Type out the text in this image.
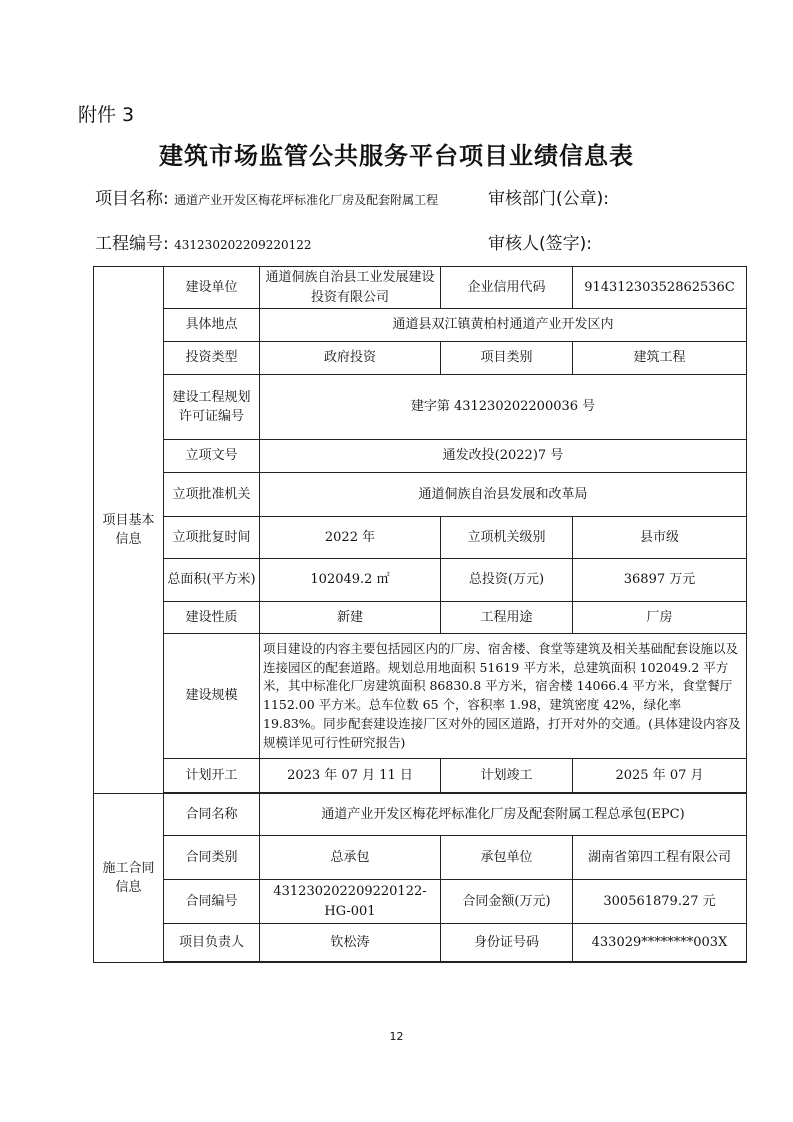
附件 3
建筑市场监管公共服务平台项目业绩信息表
项目名称: 通道产业开发区梅花坪标准化厂房及配套附属工程	审核部门(公章):
工程编号: 431230202209220122	审核人(签字):
项目基本信息	建设单位	通道侗族自治县工业发展建设投资有限公司	企业信用代码	91431230352862536C
	具体地点	通道县双江镇黄柏村通道产业开发区内		
	投资类型	政府投资	项目类别	建筑工程
	建设工程规划许可证编号	建字第 431230202200036 号		
	立项文号	通发改投(2022)7 号		
	立项批准机关	通道侗族自治县发展和改革局		
	立项批复时间	2022 年	立项机关级别	县市级
	总面积(平方米)	102049.2 ㎡	总投资(万元)	36897 万元
	建设性质	新建	工程用途	厂房
	建设规模	项目建设的内容主要包括园区内的厂房、宿舍楼、食堂等建筑及相关基础配套设施以及连接园区的配套道路。规划总用地面积 51619 平方米，总建筑面积 102049.2 平方米，其中标准化厂房建筑面积 86830.8 平方米，宿舍楼 14066.4 平方米，食堂餐厅 1152.00 平方米。总车位数 65 个，容积率 1.98，建筑密度 42%，绿化率 19.83%。同步配套建设连接厂区对外的园区道路，打开对外的交通。(具体建设内容及规模详见可行性研究报告)		
	计划开工	2023 年 07 月 11 日	计划竣工	2025 年 07 月

施工合同信息	合同名称	通道产业开发区梅花坪标准化厂房及配套附属工程总承包(EPC)		
	合同类别	总承包	承包单位	湖南省第四工程有限公司
	合同编号	431230202209220122-HG-001	合同金额(万元)	300561879.27 元
	项目负责人	钦松涛	身份证号码	433029********003X

12
